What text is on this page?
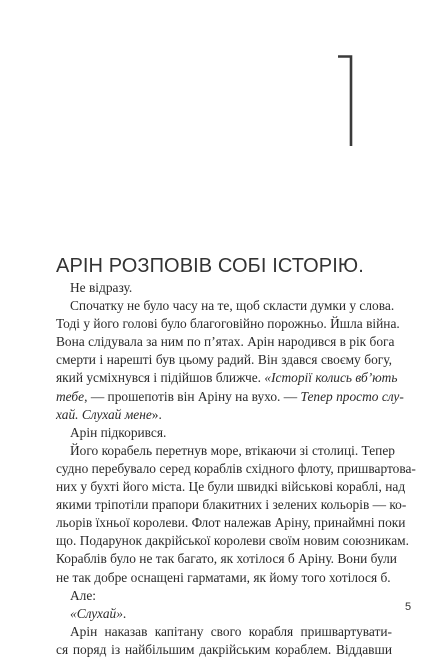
АРІН РОЗПОВІВ СОБІ ІСТОРІЮ.
Не відразу.
Спочатку не було часу на те, щоб скласти думки у слова.
Тоді у його голові було благоговійно порожньо. Йшла війна.
Вона слідувала за ним по п’ятах. Арін народився в рік бога
смерти і нарешті був цьому радий. Він здався своєму богу,
який усміхнувся і підійшов ближче. «Історії колись вб’ють
тебе, — прошепотів він Аріну на вухо. — Тепер просто слу-
хай. Слухай мене».
Арін підкорився.
Його корабель перетнув море, втікаючи зі столиці. Тепер
судно перебувало серед кораблів східного флоту, пришвартова-
них у бухті його міста. Це були швидкі військові кораблі, над
якими тріпотіли прапори блакитних і зелених кольорів — ко-
льорів їхньої королеви. Флот належав Аріну, принаймні поки
що. Подарунок дакрійської королеви своїм новим союзникам.
Кораблів було не так багато, як хотілося б Аріну. Вони були
не так добре оснащені гарматами, як йому того хотілося б.
Але:
«Слухай».
Арін наказав капітану свого корабля пришвартувати-
ся поряд із найбільшим дакрійським кораблем. Віддавши
5
